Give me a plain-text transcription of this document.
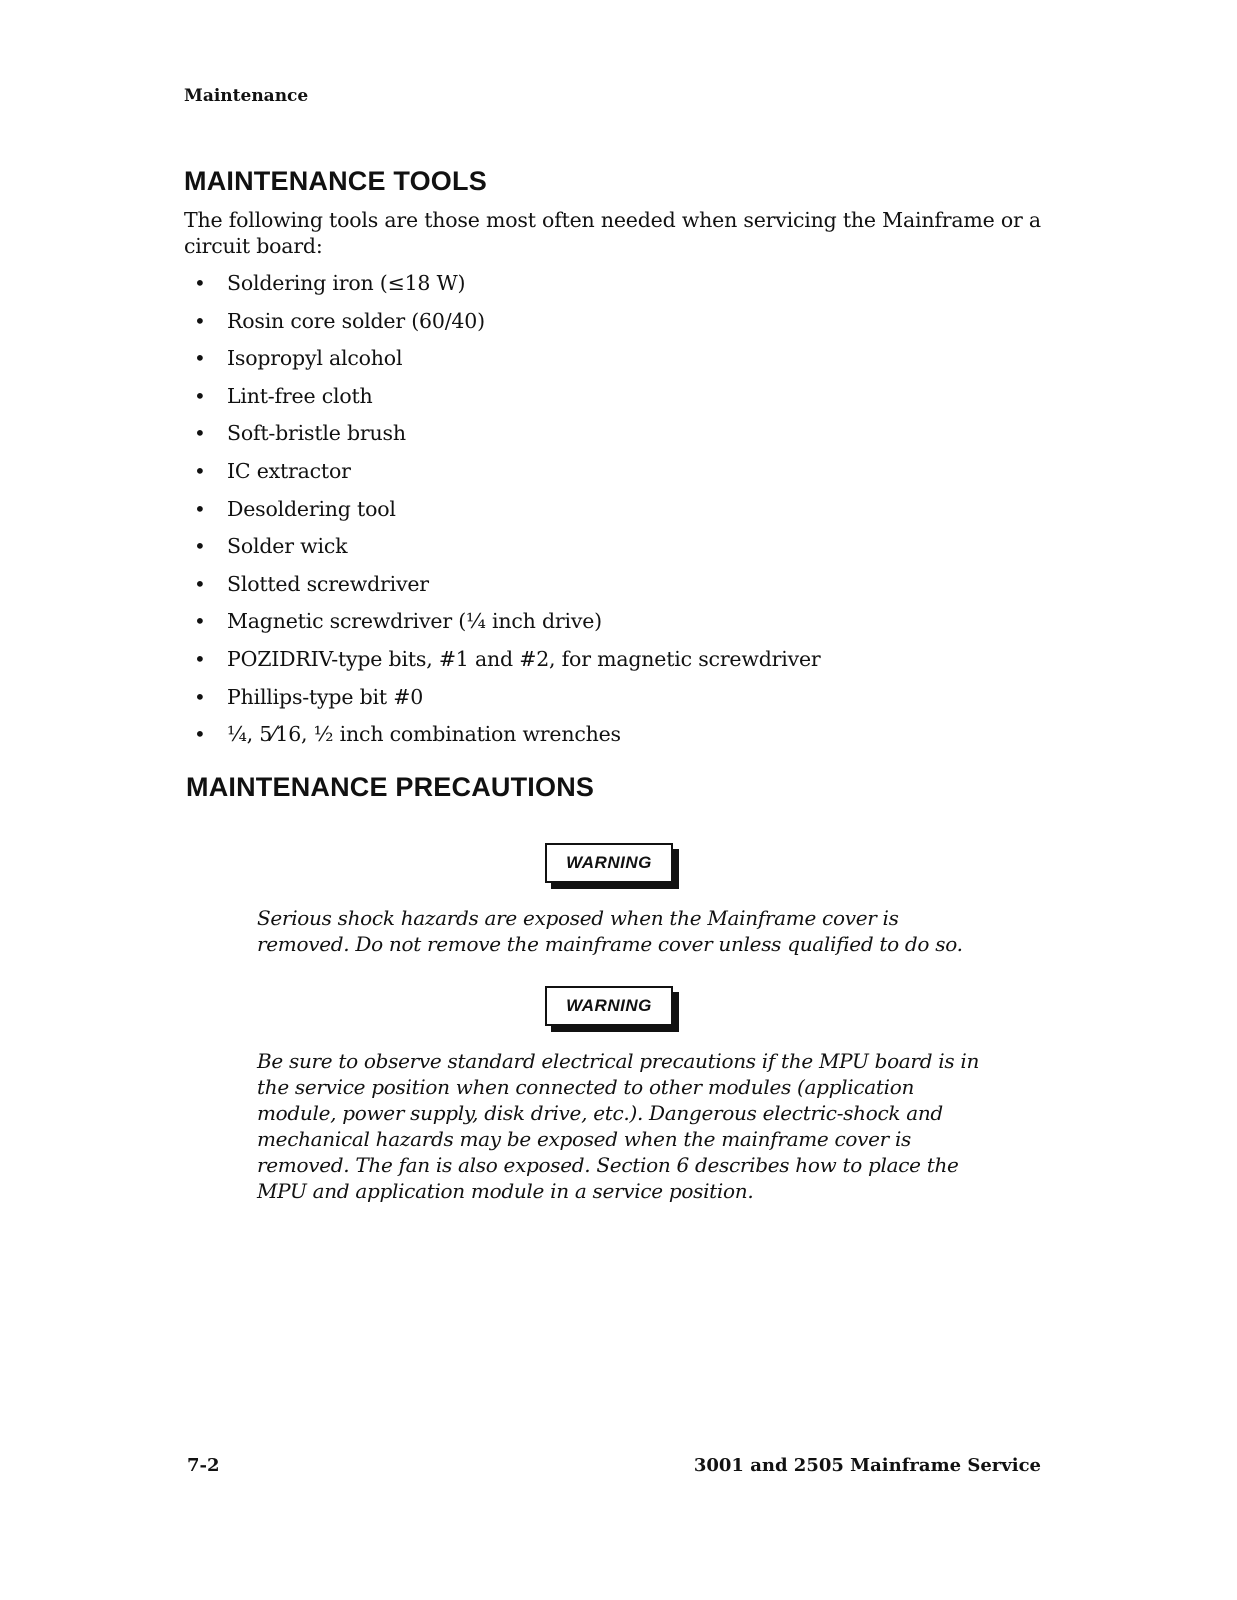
Maintenance
MAINTENANCE TOOLS

The following tools are those most often needed when servicing the Mainframe or a circuit board:

• Soldering iron (≤18 W)
• Rosin core solder (60/40)
• Isopropyl alcohol
• Lint-free cloth
• Soft-bristle brush
• IC extractor
• Desoldering tool
• Solder wick
• Slotted screwdriver
• Magnetic screwdriver (¼ inch drive)
• POZIDRIV-type bits, #1 and #2, for magnetic screwdriver
• Phillips-type bit #0
• ¼, 5⁄16, ½ inch combination wrenches
MAINTENANCE PRECAUTIONS
WARNING

Serious shock hazards are exposed when the Mainframe cover is removed. Do not remove the mainframe cover unless qualified to do so.

WARNING

Be sure to observe standard electrical precautions if the MPU board is in the service position when connected to other modules (application module, power supply, disk drive, etc.). Dangerous electric-shock and mechanical hazards may be exposed when the mainframe cover is removed. The fan is also exposed. Section 6 describes how to place the MPU and application module in a service position.

7-2	3001 and 2505 Mainframe Service
